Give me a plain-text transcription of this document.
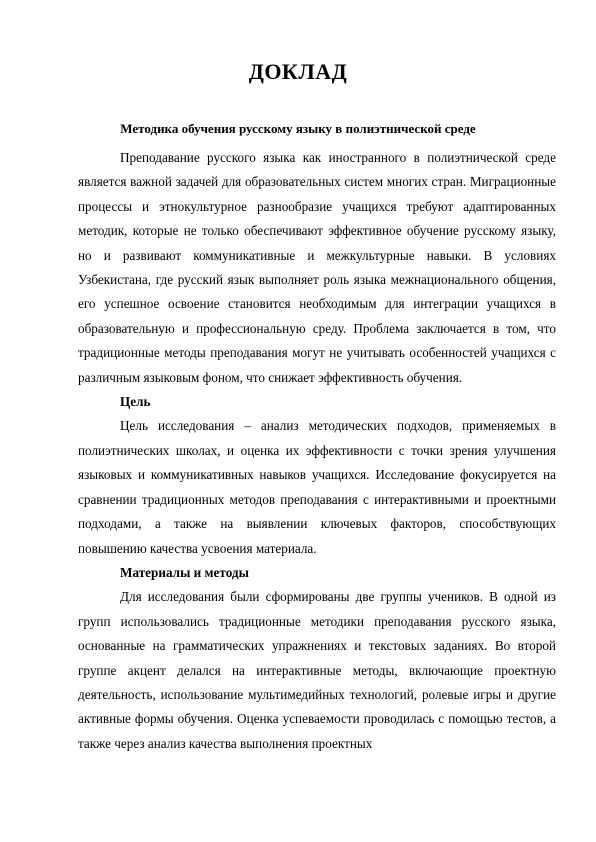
ДОКЛАД
Методика обучения русскому языку в полиэтнической среде

Преподавание русского языка как иностранного в полиэтнической среде является важной задачей для образовательных систем многих стран. Миграционные процессы и этнокультурное разнообразие учащихся требуют адаптированных методик, которые не только обеспечивают эффективное обучение русскому языку, но и развивают коммуникативные и межкультурные навыки. В условиях Узбекистана, где русский язык выполняет роль языка межнационального общения, его успешное освоение становится необходимым для интеграции учащихся в образовательную и профессиональную среду. Проблема заключается в том, что традиционные методы преподавания могут не учитывать особенностей учащихся с различным языковым фоном, что снижает эффективность обучения.

Цель

Цель исследования – анализ методических подходов, применяемых в полиэтнических школах, и оценка их эффективности с точки зрения улучшения языковых и коммуникативных навыков учащихся. Исследование фокусируется на сравнении традиционных методов преподавания с интерактивными и проектными подходами, а также на выявлении ключевых факторов, способствующих повышению качества усвоения материала.

Материалы и методы

Для исследования были сформированы две группы учеников. В одной из групп использовались традиционные методики преподавания русского языка, основанные на грамматических упражнениях и текстовых заданиях. Во второй группе акцент делался на интерактивные методы, включающие проектную деятельность, использование мультимедийных технологий, ролевые игры и другие активные формы обучения. Оценка успеваемости проводилась с помощью тестов, а также через анализ качества выполнения проектных
